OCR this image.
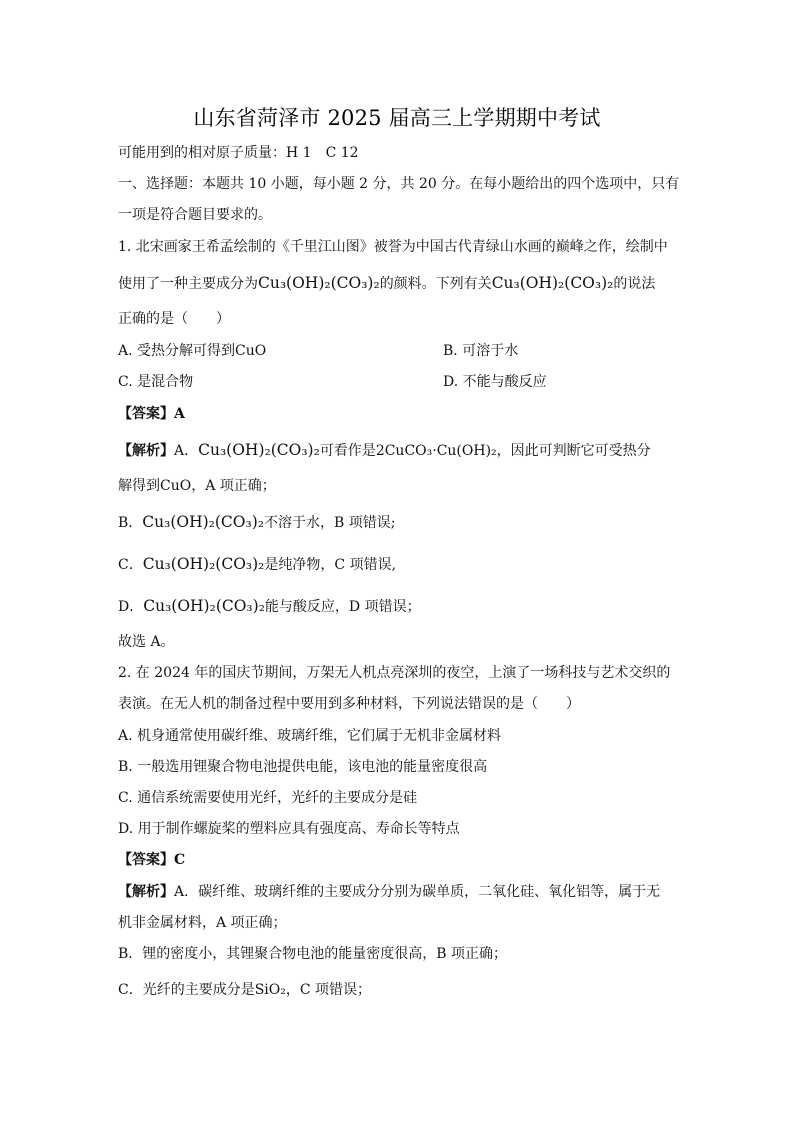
山东省菏泽市 2025 届高三上学期期中考试
可能用到的相对原子质量：H 1　C 12
一、选择题：本题共 10 小题，每小题 2 分，共 20 分。在每小题给出的四个选项中，只有
一项是符合题目要求的。
1. 北宋画家王希孟绘制的《千里江山图》被誉为中国古代青绿山水画的巅峰之作，绘制中
使用了一种主要成分为Cu₃(OH)₂(CO₃)₂的颜料。下列有关Cu₃(OH)₂(CO₃)₂的说法
正确的是（　　）
A. 受热分解可得到CuO	B. 可溶于水
C. 是混合物	D. 不能与酸反应
【答案】A
【解析】A．Cu₃(OH)₂(CO₃)₂可看作是2CuCO₃·Cu(OH)₂，因此可判断它可受热分
解得到CuO，A 项正确；
B．Cu₃(OH)₂(CO₃)₂不溶于水，B 项错误;
C．Cu₃(OH)₂(CO₃)₂是纯净物，C 项错误,
D．Cu₃(OH)₂(CO₃)₂能与酸反应，D 项错误；
故选 A。
2. 在 2024 年的国庆节期间，万架无人机点亮深圳的夜空，上演了一场科技与艺术交织的
表演。在无人机的制备过程中要用到多种材料，下列说法错误的是（　　）
A. 机身通常使用碳纤维、玻璃纤维，它们属于无机非金属材料
B. 一般选用锂聚合物电池提供电能，该电池的能量密度很高
C. 通信系统需要使用光纤，光纤的主要成分是硅
D. 用于制作螺旋桨的塑料应具有强度高、寿命长等特点
【答案】C
【解析】A．碳纤维、玻璃纤维的主要成分分别为碳单质，二氧化硅、氧化铝等，属于无
机非金属材料，A 项正确；
B．锂的密度小，其锂聚合物电池的能量密度很高，B 项正确；
C．光纤的主要成分是SiO₂，C 项错误；
